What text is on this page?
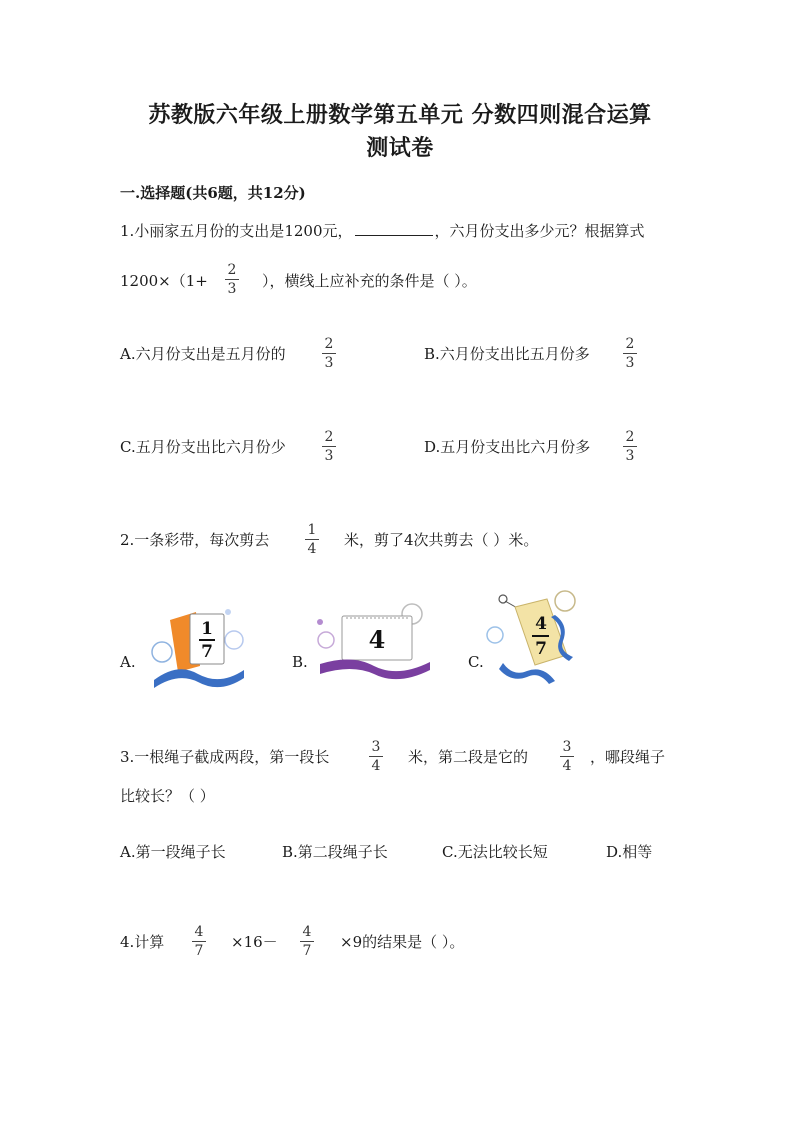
苏教版六年级上册数学第五单元 分数四则混合运算
测试卷
一.选择题(共6题，共12分)
1.小丽家五月份的支出是1200元，	，六月份支出多少元？根据算式
1200×（1+
2
3	），横线上应补充的条件是（ ）。
A.六月份支出是五月份的
2
3	B.六月份支出比五月份多
2
3
C.五月份支出比六月份少
2
3	D.五月份支出比六月份多
2
3
2.一条彩带，每次剪去
1
4	米，剪了4次共剪去（ ）米。
A.
1
7	B.
4
C.
4
7
3.一根绳子截成两段，第一段长
3
4	米，第二段是它的
3
4	，哪段绳子
比较长？（ ）
A.第一段绳子长	B.第二段绳子长	C.无法比较长短	D.相等
4.计算
4
7	×16－
4
7	×9的结果是（ ）。
